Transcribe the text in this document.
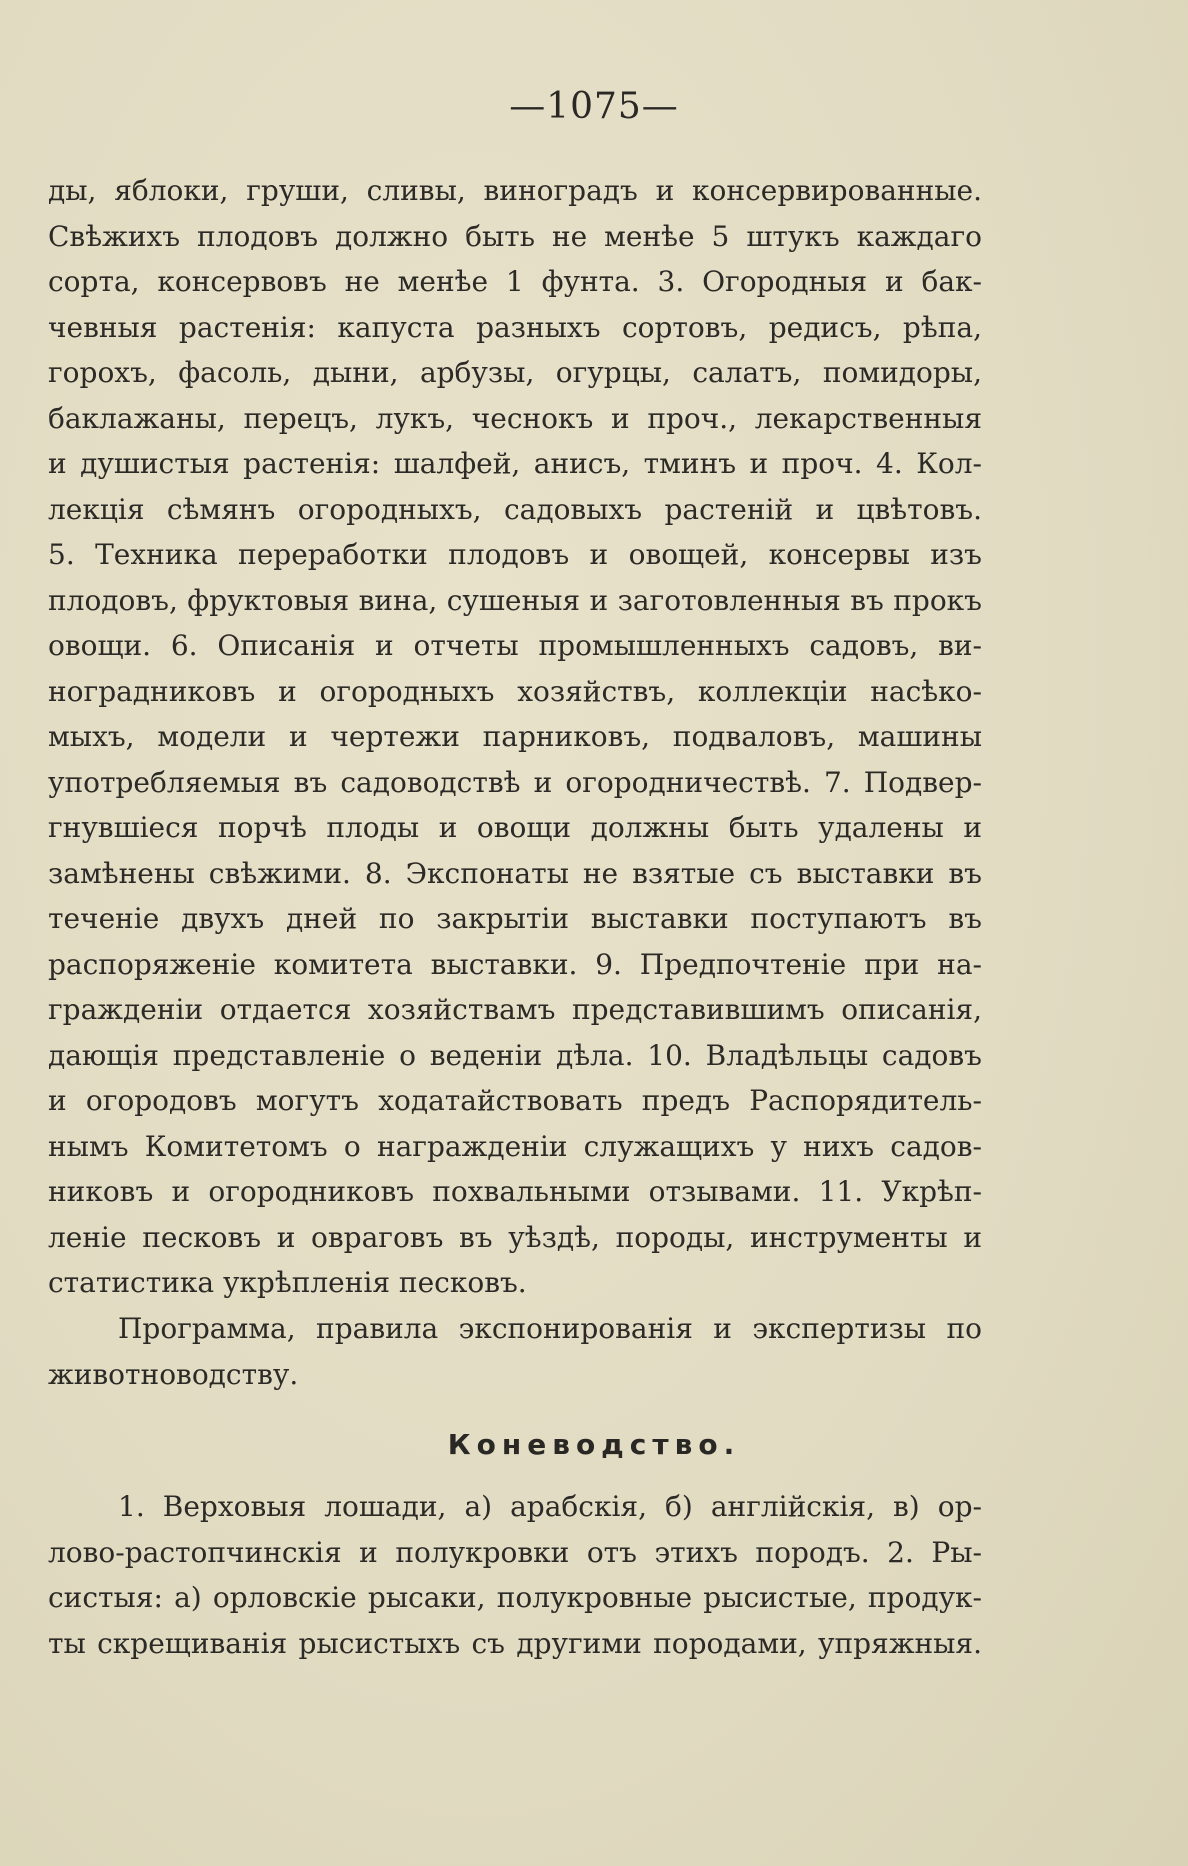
—1075—
ды, яблоки, груши, сливы, виноградъ и консервированные.
Свѣжихъ плодовъ должно быть не менѣе 5 штукъ каждаго
сорта, консервовъ не менѣе 1 фунта. 3. Огородныя и бак-
чевныя растенія: капуста разныхъ сортовъ, редисъ, рѣпа,
горохъ, фасоль, дыни, арбузы, огурцы, салатъ, помидоры,
баклажаны, перецъ, лукъ, чеснокъ и проч., лекарственныя
и душистыя растенія: шалфей, анисъ, тминъ и проч. 4. Кол-
лекція сѣмянъ огородныхъ, садовыхъ растеній и цвѣтовъ.
5. Техника переработки плодовъ и овощей, консервы изъ
плодовъ, фруктовыя вина, сушеныя и заготовленныя въ прокъ
овощи. 6. Описанія и отчеты промышленныхъ садовъ, ви-
ноградниковъ и огородныхъ хозяйствъ, коллекціи насѣко-
мыхъ, модели и чертежи парниковъ, подваловъ, машины
употребляемыя въ садоводствѣ и огородничествѣ. 7. Подвер-
гнувшіеся порчѣ плоды и овощи должны быть удалены и
замѣнены свѣжими. 8. Экспонаты не взятые съ выставки въ
теченіе двухъ дней по закрытіи выставки поступаютъ въ
распоряженіе комитета выставки. 9. Предпочтеніе при на-
гражденіи отдается хозяйствамъ представившимъ описанія,
дающія представленіе о веденіи дѣла. 10. Владѣльцы садовъ
и огородовъ могутъ ходатайствовать предъ Распорядитель-
нымъ Комитетомъ о награжденіи служащихъ у нихъ садов-
никовъ и огородниковъ похвальными отзывами. 11. Укрѣп-
леніе песковъ и овраговъ въ уѣздѣ, породы, инструменты и
статистика укрѣпленія песковъ.
Программа, правила экспонированія и экспертизы по
животноводству.
Коневодство.
1. Верховыя лошади, а) арабскія, б) англійскія, в) ор-
лово-растопчинскія и полукровки отъ этихъ породъ. 2. Ры-
систыя: а) орловскіе рысаки, полукровные рысистые, продук-
ты скрещиванія рысистыхъ съ другими породами, упряжныя.
